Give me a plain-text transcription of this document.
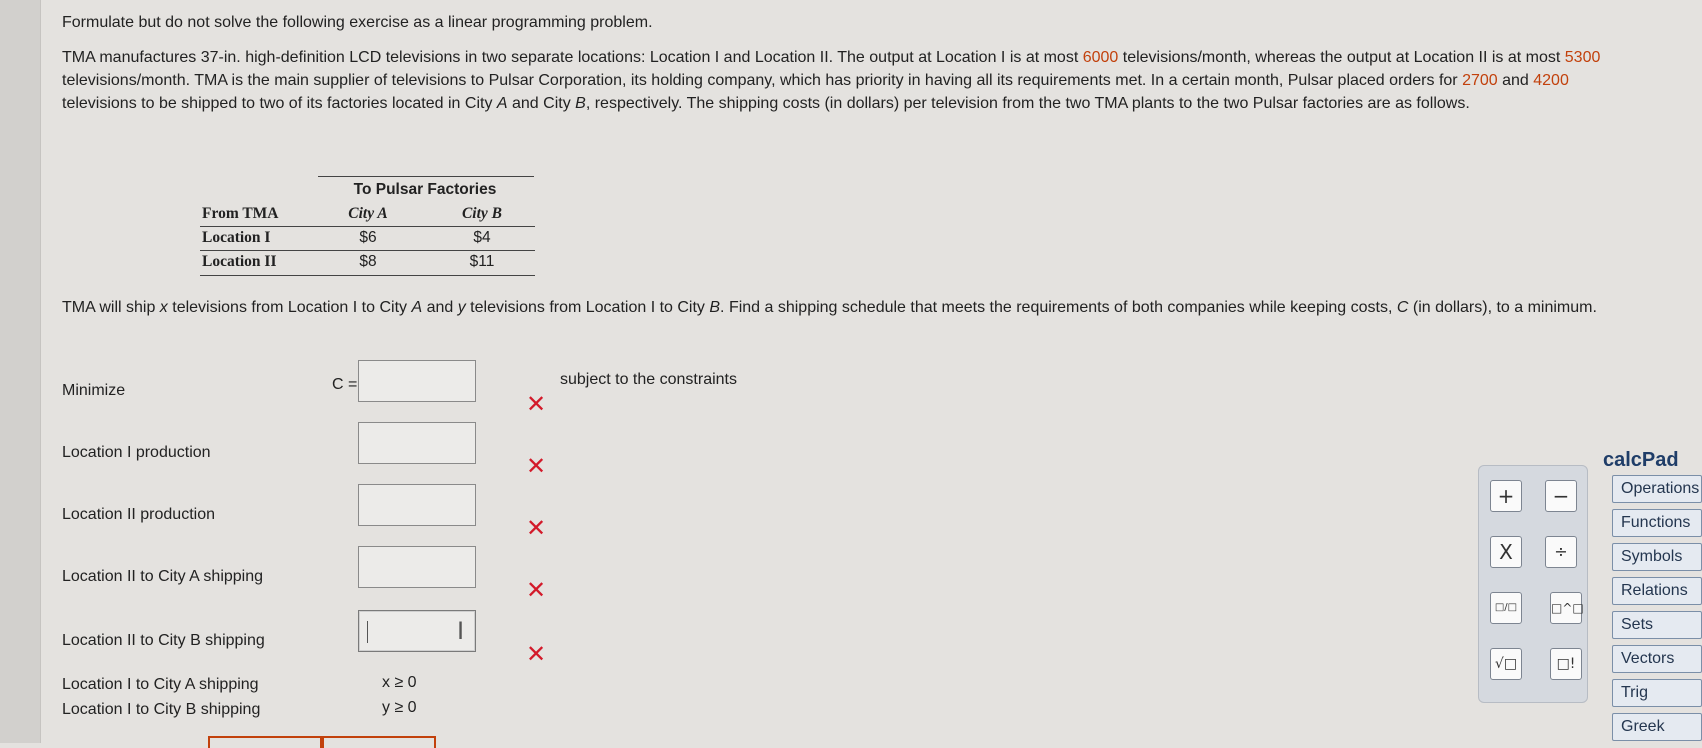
Formulate but do not solve the following exercise as a linear programming problem.

TMA manufactures 37-in. high-definition LCD televisions in two separate locations: Location I and Location II. The output at Location I is at most 6000 televisions/month, whereas the output at Location II is at most 5300 televisions/month. TMA is the main supplier of televisions to Pulsar Corporation, its holding company, which has priority in having all its requirements met. In a certain month, Pulsar placed orders for 2700 and 4200 televisions to be shipped to two of its factories located in City A and City B, respectively. The shipping costs (in dollars) per television from the two TMA plants to the two Pulsar factories are as follows.

To Pulsar Factories
From TMA	City A	City B
Location I	$6	$4
Location II	$8	$11

TMA will ship x televisions from Location I to City A and y televisions from Location I to City B. Find a shipping schedule that meets the requirements of both companies while keeping costs, C (in dollars), to a minimum.

Minimize	C =
✕
subject to the constraints
Location I production	✕
Location II production	✕
Location II to City A shipping	✕
Location II to City B shipping	I
✕
Location I to City A shipping	x ≥ 0
Location I to City B shipping	y ≥ 0
+	−
X	÷
□/□	□^□
√□	□!
calcPad
Operations
Functions
Symbols
Relations
Sets
Vectors
Trig
Greek
